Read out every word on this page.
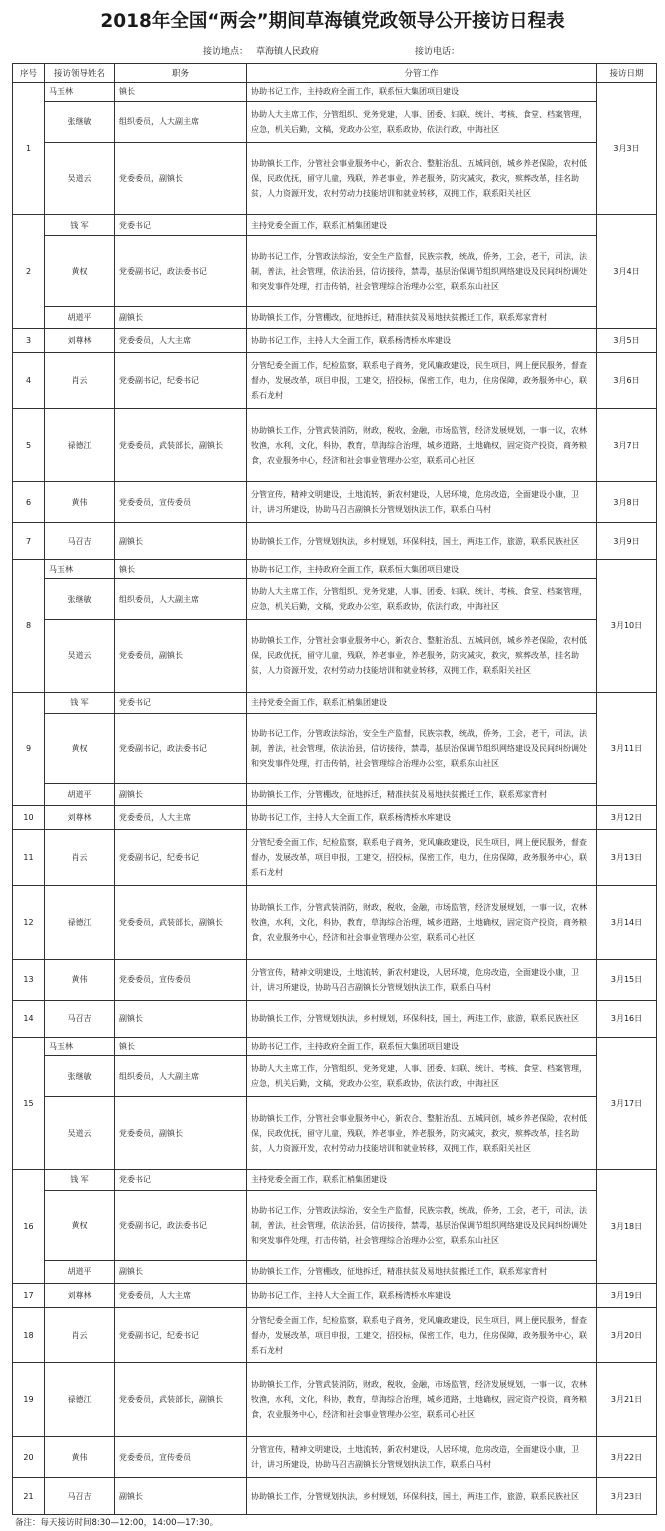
2018年全国“两会”期间草海镇党政领导公开接访日程表
接访地点： 草海镇人民政府	接访电话：
序号	接访领导姓名	职务	分管工作	接访日期
1	马玉林	镇长	协助书记工作，主持政府全面工作，联系恒大集团项目建设	3月3日
	张继敏	组织委员，人大副主席	协助人大主席工作，分管组织、党务党建，人事、团委、妇联、统计、考核、食堂、档案管理，应急，机关后勤，文稿，党政办公室，联系政协，依法行政，中海社区	
	吴道云	党委委员，副镇长	协助镇长工作，分管社会事业服务中心，新农合、整脏治乱、五城同创，城乡养老保险，农村低保，民政优抚，留守儿童，残联，养老事业，养老服务，防灾减灾，救灾，殡葬改革，挂名助贫，人力资源开发，农村劳动力技能培训和就业转移，双拥工作，联系阳关社区	
2	钱 军	党委书记	主持党委全面工作，联系汇梢集团建设	3月4日
	黄权	党委副书记，政法委书记	协助书记工作，分管政法综治，安全生产监督，民族宗教，统战，侨务，工会，老干，司法，法制，普法，社会管理，依法治县，信访接待，禁毒，基层治保调节组织网络建设及民间纠纷调处和突发事件处理，打击传销，社会管理综合治理办公室，联系东山社区	
	胡道平	副镇长	协助镇长工作，分管棚改，征地拆迁，精准扶贫及易地扶贫搬迁工作，联系郑家背村	
3	刘尊林	党委委员，人大主席	协助书记工作，主持人大全面工作，联系杨湾桥水库建设	3月5日
4	肖云	党委副书记，纪委书记	分管纪委全面工作，纪检监察，联系电子商务，党风廉政建设，民生项目，网上便民服务，督查督办，发展改革，项目申报，工建交，招投标，保密工作，电力，住房保障，政务服务中心，联系石龙村	3月6日
5	禄德江	党委委员，武装部长，副镇长	协助镇长工作，分管武装消防，财政，税收，金融，市场监管，经济发展规划，一事一议，农林牧渔，水利，文化，科协，教育，草海综合治理，城乡道路，土地确权，固定资产投资，商务粮食，农业服务中心，经济和社会事业管理办公室，联系司心社区	3月7日
6	黄伟	党委委员，宣传委员	分管宣传，精神文明建设，土地流转，新农村建设，人居环境，危房改造，全面建设小康，卫计，讲习所建设，协助马召吉副镇长分管规划执法工作，联系白马村	3月8日
7	马召吉	副镇长	协助镇长工作，分管规划执法，乡村规划，环保科技，国土，两违工作，旅游，联系民族社区	3月9日
8	马玉林	镇长	协助书记工作，主持政府全面工作，联系恒大集团项目建设	3月10日
	张继敏	组织委员，人大副主席	协助人大主席工作，分管组织、党务党建，人事、团委、妇联、统计、考核、食堂、档案管理，应急，机关后勤，文稿，党政办公室，联系政协，依法行政，中海社区	
	吴道云	党委委员，副镇长	协助镇长工作，分管社会事业服务中心，新农合、整脏治乱、五城同创，城乡养老保险，农村低保，民政优抚，留守儿童，残联，养老事业，养老服务，防灾减灾，救灾，殡葬改革，挂名助贫，人力资源开发，农村劳动力技能培训和就业转移，双拥工作，联系阳关社区	
9	钱 军	党委书记	主持党委全面工作，联系汇梢集团建设	3月11日
	黄权	党委副书记，政法委书记	协助书记工作，分管政法综治，安全生产监督，民族宗教，统战，侨务，工会，老干，司法，法制，普法，社会管理，依法治县，信访接待，禁毒，基层治保调节组织网络建设及民间纠纷调处和突发事件处理，打击传销，社会管理综合治理办公室，联系东山社区	
	胡道平	副镇长	协助镇长工作，分管棚改，征地拆迁，精准扶贫及易地扶贫搬迁工作，联系郑家背村	
10	刘尊林	党委委员，人大主席	协助书记工作，主持人大全面工作，联系杨湾桥水库建设	3月12日
11	肖云	党委副书记，纪委书记	分管纪委全面工作，纪检监察，联系电子商务，党风廉政建设，民生项目，网上便民服务，督查督办，发展改革，项目申报，工建交，招投标，保密工作，电力，住房保障，政务服务中心，联系石龙村	3月13日
12	禄德江	党委委员，武装部长，副镇长	协助镇长工作，分管武装消防，财政，税收，金融，市场监管，经济发展规划，一事一议，农林牧渔，水利，文化，科协，教育，草海综合治理，城乡道路，土地确权，固定资产投资，商务粮食，农业服务中心，经济和社会事业管理办公室，联系司心社区	3月14日
13	黄伟	党委委员，宣传委员	分管宣传，精神文明建设，土地流转，新农村建设，人居环境，危房改造，全面建设小康，卫计，讲习所建设，协助马召吉副镇长分管规划执法工作，联系白马村	3月15日
14	马召吉	副镇长	协助镇长工作，分管规划执法，乡村规划，环保科技，国土，两违工作，旅游，联系民族社区	3月16日
15	马玉林	镇长	协助书记工作，主持政府全面工作，联系恒大集团项目建设	3月17日
	张继敏	组织委员，人大副主席	协助人大主席工作，分管组织、党务党建，人事、团委、妇联、统计、考核、食堂、档案管理，应急，机关后勤，文稿，党政办公室，联系政协，依法行政，中海社区	
	吴道云	党委委员，副镇长	协助镇长工作，分管社会事业服务中心，新农合、整脏治乱、五城同创，城乡养老保险，农村低保，民政优抚，留守儿童，残联，养老事业，养老服务，防灾减灾，救灾，殡葬改革，挂名助贫，人力资源开发，农村劳动力技能培训和就业转移，双拥工作，联系阳关社区	
16	钱 军	党委书记	主持党委全面工作，联系汇梢集团建设	3月18日
	黄权	党委副书记，政法委书记	协助书记工作，分管政法综治，安全生产监督，民族宗教，统战，侨务，工会，老干，司法，法制，普法，社会管理，依法治县，信访接待，禁毒，基层治保调节组织网络建设及民间纠纷调处和突发事件处理，打击传销，社会管理综合治理办公室，联系东山社区	
	胡道平	副镇长	协助镇长工作，分管棚改，征地拆迁，精准扶贫及易地扶贫搬迁工作，联系郑家背村	
17	刘尊林	党委委员，人大主席	协助书记工作，主持人大全面工作，联系杨湾桥水库建设	3月19日
18	肖云	党委副书记，纪委书记	分管纪委全面工作，纪检监察，联系电子商务，党风廉政建设，民生项目，网上便民服务，督查督办，发展改革，项目申报，工建交，招投标，保密工作，电力，住房保障，政务服务中心，联系石龙村	3月20日
19	禄德江	党委委员，武装部长，副镇长	协助镇长工作，分管武装消防，财政，税收，金融，市场监管，经济发展规划，一事一议，农林牧渔，水利，文化，科协，教育，草海综合治理，城乡道路，土地确权，固定资产投资，商务粮食，农业服务中心，经济和社会事业管理办公室，联系司心社区	3月21日
20	黄伟	党委委员，宣传委员	分管宣传，精神文明建设，土地流转，新农村建设，人居环境，危房改造，全面建设小康，卫计，讲习所建设，协助马召吉副镇长分管规划执法工作，联系白马村	3月22日
21	马召吉	副镇长	协助镇长工作，分管规划执法，乡村规划，环保科技，国土，两违工作，旅游，联系民族社区	3月23日
备注：每天接访时间8:30—12:00，14:00—17:30。
